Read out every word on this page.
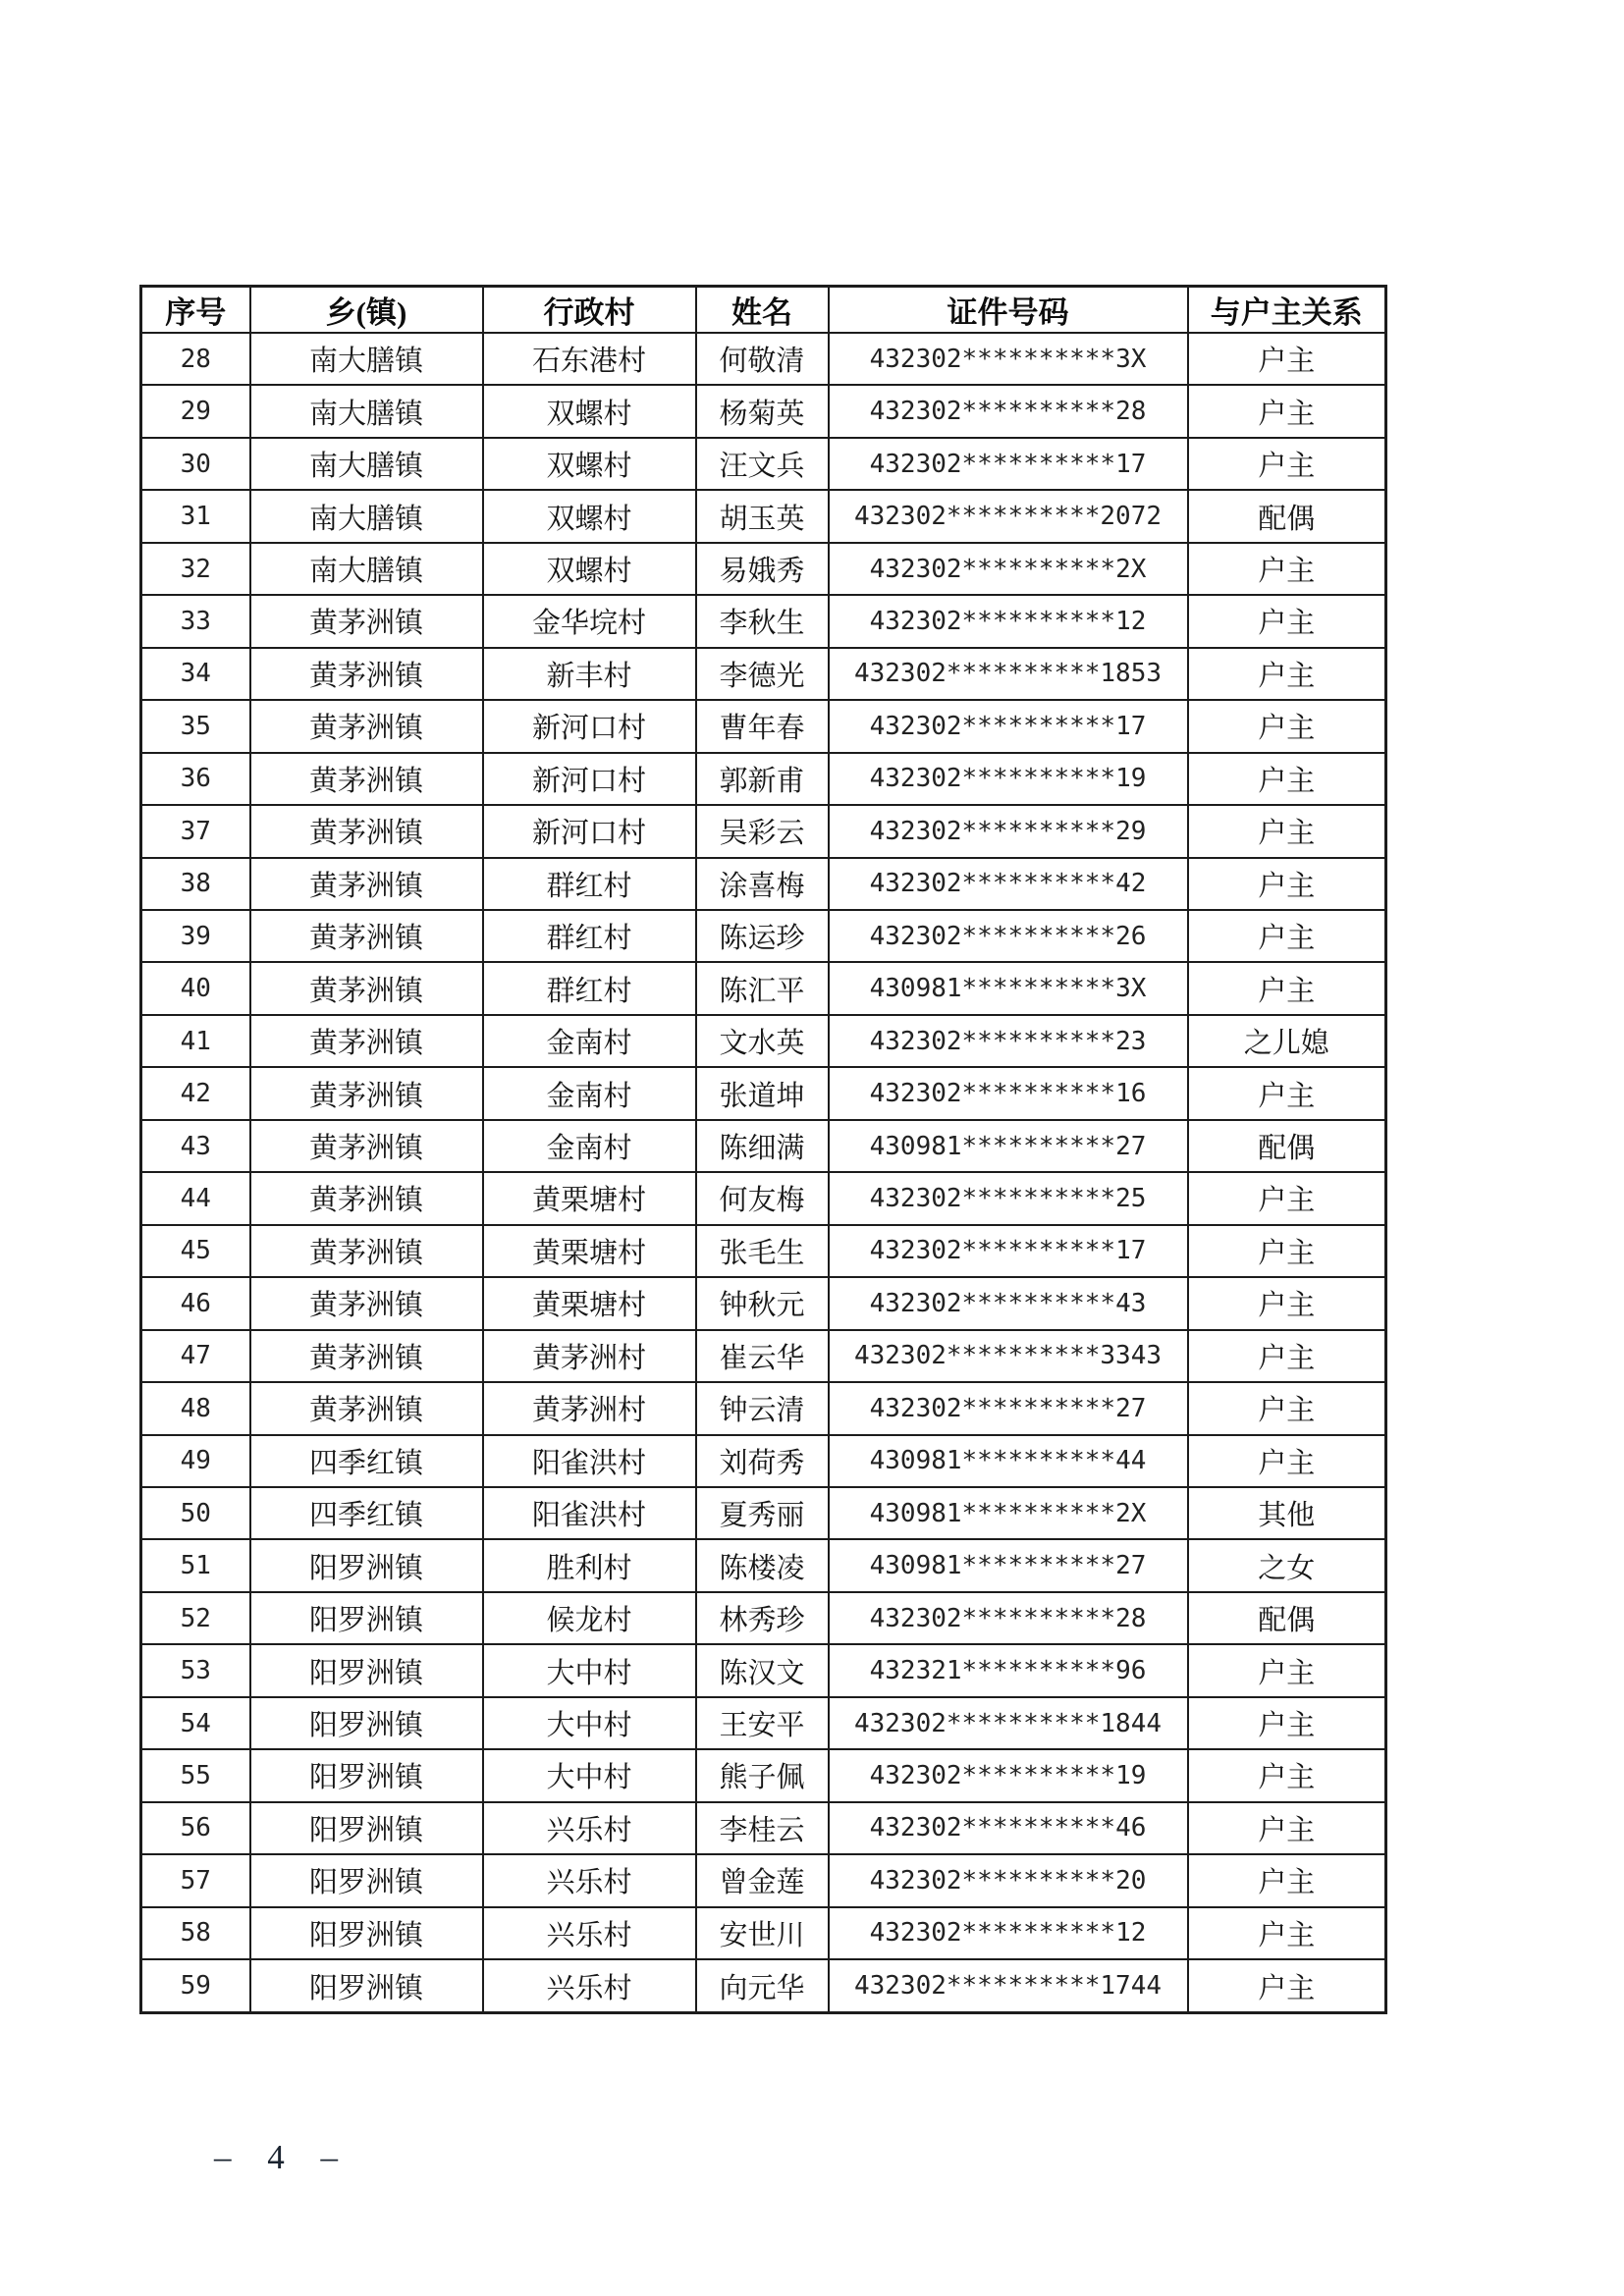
序号	乡(镇)	行政村	姓名	证件号码	与户主关系
28	南大膳镇	石东港村	何敬清	432302**********3X	户主
29	南大膳镇	双螺村	杨菊英	432302**********28	户主
30	南大膳镇	双螺村	汪文兵	432302**********17	户主
31	南大膳镇	双螺村	胡玉英	432302**********2072	配偶
32	南大膳镇	双螺村	易娥秀	432302**********2X	户主
33	黄茅洲镇	金华垸村	李秋生	432302**********12	户主
34	黄茅洲镇	新丰村	李德光	432302**********1853	户主
35	黄茅洲镇	新河口村	曹年春	432302**********17	户主
36	黄茅洲镇	新河口村	郭新甫	432302**********19	户主
37	黄茅洲镇	新河口村	吴彩云	432302**********29	户主
38	黄茅洲镇	群红村	涂喜梅	432302**********42	户主
39	黄茅洲镇	群红村	陈运珍	432302**********26	户主
40	黄茅洲镇	群红村	陈汇平	430981**********3X	户主
41	黄茅洲镇	金南村	文水英	432302**********23	之儿媳
42	黄茅洲镇	金南村	张道坤	432302**********16	户主
43	黄茅洲镇	金南村	陈细满	430981**********27	配偶
44	黄茅洲镇	黄栗塘村	何友梅	432302**********25	户主
45	黄茅洲镇	黄栗塘村	张毛生	432302**********17	户主
46	黄茅洲镇	黄栗塘村	钟秋元	432302**********43	户主
47	黄茅洲镇	黄茅洲村	崔云华	432302**********3343	户主
48	黄茅洲镇	黄茅洲村	钟云清	432302**********27	户主
49	四季红镇	阳雀洪村	刘荷秀	430981**********44	户主
50	四季红镇	阳雀洪村	夏秀丽	430981**********2X	其他
51	阳罗洲镇	胜利村	陈楼凌	430981**********27	之女
52	阳罗洲镇	候龙村	林秀珍	432302**********28	配偶
53	阳罗洲镇	大中村	陈汉文	432321**********96	户主
54	阳罗洲镇	大中村	王安平	432302**********1844	户主
55	阳罗洲镇	大中村	熊子佩	432302**********19	户主
56	阳罗洲镇	兴乐村	李桂云	432302**********46	户主
57	阳罗洲镇	兴乐村	曾金莲	432302**********20	户主
58	阳罗洲镇	兴乐村	安世川	432302**********12	户主
59	阳罗洲镇	兴乐村	向元华	432302**********1744	户主
– 4 –
